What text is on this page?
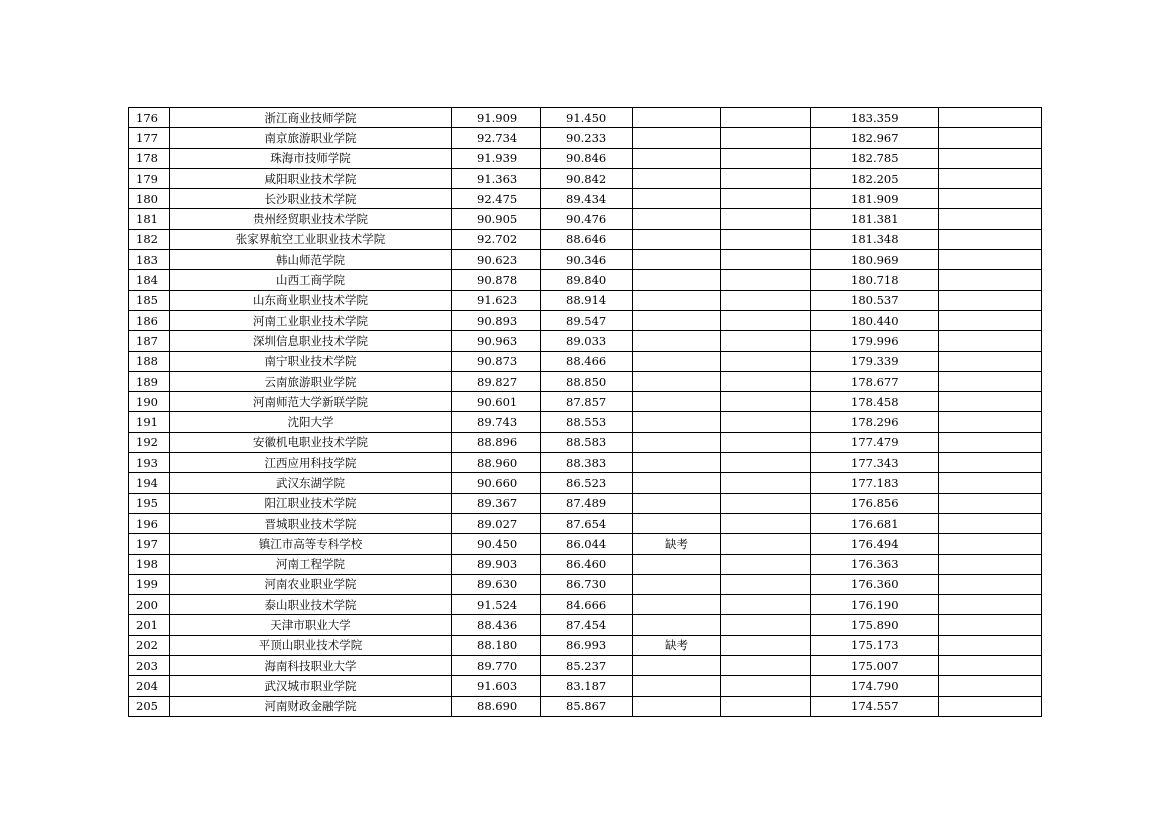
176	浙江商业技师学院	91.909	91.450			183.359	
177	南京旅游职业学院	92.734	90.233			182.967	
178	珠海市技师学院	91.939	90.846			182.785	
179	咸阳职业技术学院	91.363	90.842			182.205	
180	长沙职业技术学院	92.475	89.434			181.909	
181	贵州经贸职业技术学院	90.905	90.476			181.381	
182	张家界航空工业职业技术学院	92.702	88.646			181.348	
183	韩山师范学院	90.623	90.346			180.969	
184	山西工商学院	90.878	89.840			180.718	
185	山东商业职业技术学院	91.623	88.914			180.537	
186	河南工业职业技术学院	90.893	89.547			180.440	
187	深圳信息职业技术学院	90.963	89.033			179.996	
188	南宁职业技术学院	90.873	88.466			179.339	
189	云南旅游职业学院	89.827	88.850			178.677	
190	河南师范大学新联学院	90.601	87.857			178.458	
191	沈阳大学	89.743	88.553			178.296	
192	安徽机电职业技术学院	88.896	88.583			177.479	
193	江西应用科技学院	88.960	88.383			177.343	
194	武汉东湖学院	90.660	86.523			177.183	
195	阳江职业技术学院	89.367	87.489			176.856	
196	晋城职业技术学院	89.027	87.654			176.681	
197	镇江市高等专科学校	90.450	86.044	缺考		176.494	
198	河南工程学院	89.903	86.460			176.363	
199	河南农业职业学院	89.630	86.730			176.360	
200	泰山职业技术学院	91.524	84.666			176.190	
201	天津市职业大学	88.436	87.454			175.890	
202	平顶山职业技术学院	88.180	86.993	缺考		175.173	
203	海南科技职业大学	89.770	85.237			175.007	
204	武汉城市职业学院	91.603	83.187			174.790	
205	河南财政金融学院	88.690	85.867			174.557	
